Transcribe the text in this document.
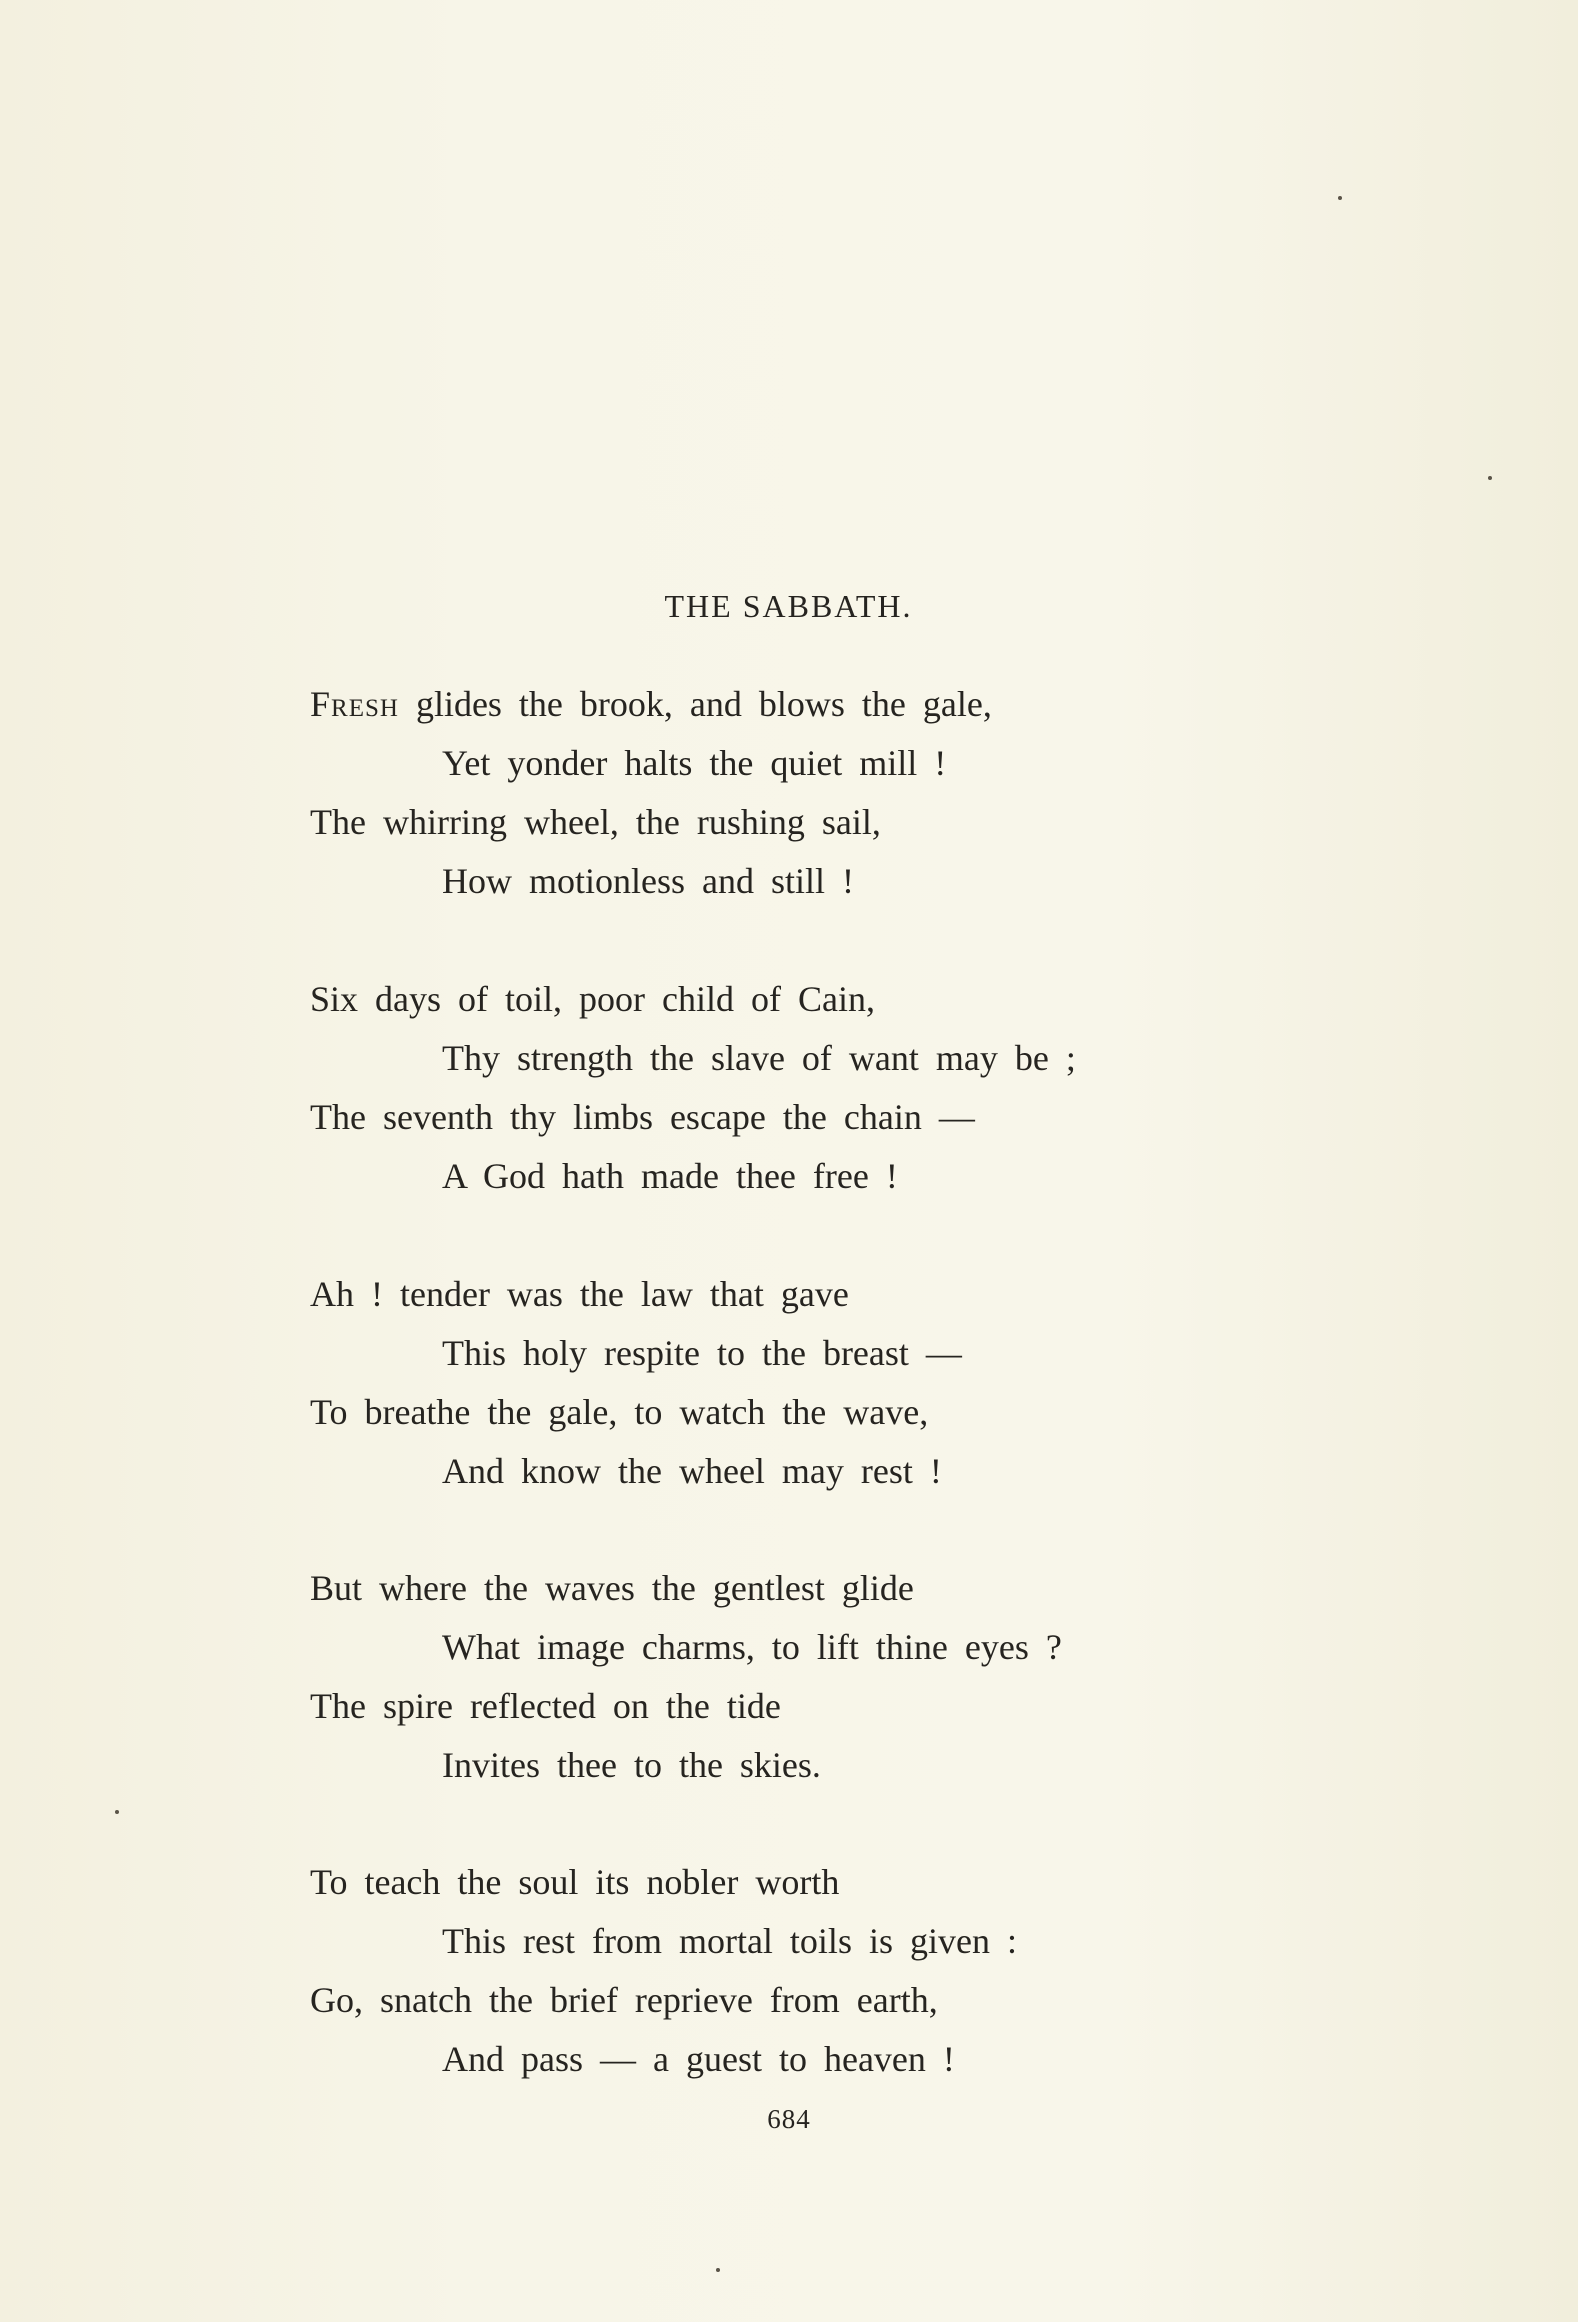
THE SABBATH.
Fresh glides the brook, and blows the gale,
Yet yonder halts the quiet mill !
The whirring wheel, the rushing sail,
How motionless and still !
Six days of toil, poor child of Cain,
Thy strength the slave of want may be ;
The seventh thy limbs escape the chain —
A God hath made thee free !
Ah ! tender was the law that gave
This holy respite to the breast —
To breathe the gale, to watch the wave,
And know the wheel may rest !
But where the waves the gentlest glide
What image charms, to lift thine eyes ?
The spire reflected on the tide
Invites thee to the skies.
To teach the soul its nobler worth
This rest from mortal toils is given :
Go, snatch the brief reprieve from earth,
And pass — a guest to heaven !
684
